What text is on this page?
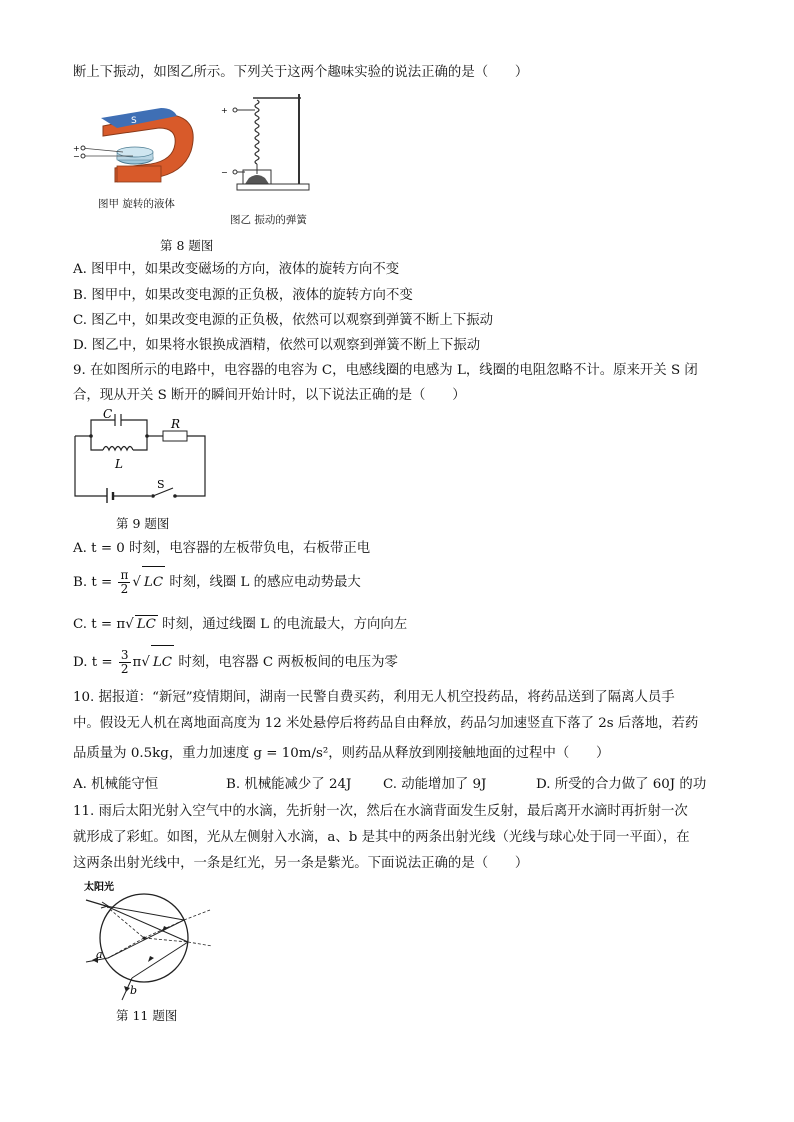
断上下振动，如图乙所示。下列关于这两个趣味实验的说法正确的是（　　）
S
+
−
图甲 旋转的液体
+
−
图乙 振动的弹簧
第 8 题图
A. 图甲中，如果改变磁场的方向，液体的旋转方向不变
B. 图甲中，如果改变电源的正负极，液体的旋转方向不变
C. 图乙中，如果改变电源的正负极，依然可以观察到弹簧不断上下振动
D. 图乙中，如果将水银换成酒精，依然可以观察到弹簧不断上下振动
9. 在如图所示的电路中，电容器的电容为 C，电感线圈的电感为 L，线圈的电阻忽略不计。原来开关 S 闭
合，现从开关 S 断开的瞬间开始计时，以下说法正确的是（　　）
C
R
L
S
第 9 题图
A. t = 0 时刻，电容器的左板带负电，右板带正电
B. $t = \frac{\pi}{2}$ √ LC 时刻，线圈 L 的感应电动势最大
C. t = π√ LC 时刻，通过线圈 L 的电流最大，方向向左
D. $t = \frac{3}{2} \pi√$ LC 时刻，电容器 C 两板板间的电压为零
10. 据报道：“新冠”疫情期间，湖南一民警自费买药，利用无人机空投药品，将药品送到了隔离人员手
中。假设无人机在离地面高度为 12 米处悬停后将药品自由释放，药品匀加速竖直下落了 2s 后落地，若药
品质量为 0.5kg，重力加速度 g = 10m/s²，则药品从释放到刚接触地面的过程中（　　）
A. 机械能守恒	B. 机械能减少了 24J C. 动能增加了 9J	D. 所受的合力做了 60J 的功
11. 雨后太阳光射入空气中的水滴，先折射一次，然后在水滴背面发生反射，最后离开水滴时再折射一次
就形成了彩虹。如图，光从左侧射入水滴，a、b 是其中的两条出射光线（光线与球心处于同一平面），在
这两条出射光线中，一条是红光，另一条是紫光。下面说法正确的是（　　）
太阳光
a
b
第 11 题图
